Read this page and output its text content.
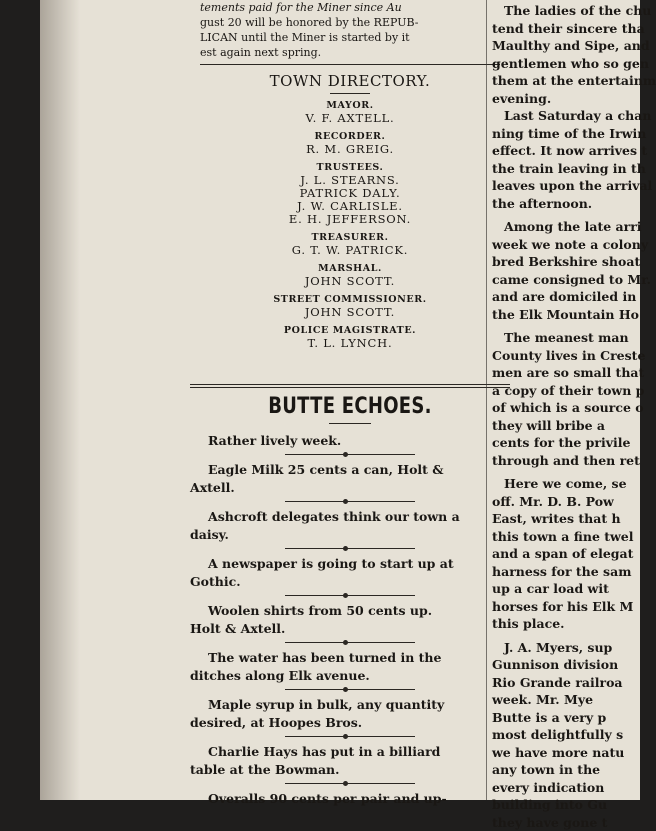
tements paid for the Miner since Au

gust 20 will be honored by the REPUB-

LICAN until the Miner is started by it

est again next spring.

TOWN DIRECTORY.

MAYOR.

V. F. AXTELL.

RECORDER.

R. M. GREIG.

TRUSTEES.

J. L. STEARNS.

PATRICK DALY.

J. W. CARLISLE.

E. H. JEFFERSON.

TREASURER.

G. T. W. PATRICK.

MARSHAL.

JOHN SCOTT.

STREET COMMISSIONER.

JOHN SCOTT.

POLICE MAGISTRATE.

T. L. LYNCH.

BUTTE ECHOES.

Rather lively week.

Eagle Milk 25 cents a can, Holt &

Axtell.

Ashcroft delegates think our town a

daisy.

A newspaper is going to start up at

Gothic.

Woolen shirts from 50 cents up.

Holt & Axtell.

The water has been turned in the

ditches along Elk avenue.

Maple syrup in bulk, any quantity

desired, at Hoopes Bros.

Charlie Hays has put in a billiard

table at the Bowman.

Overalls 90 cents per pair and up-

The ladies of the chu

tend their sincere tha

Maulthy and Sipe, and

gentlemen who so gen

them at the entertainm

evening.

Last Saturday a chan

ning time of the Irwin

effect. It now arrives t

the train leaving in th

leaves upon the arrival

the afternoon.

Among the late arri

week we note a colony

bred Berkshire shoat

came consigned to Mr.

and are domiciled in

the Elk Mountain Ho

The meanest man

County lives in Creste

men are so small that

a copy of their town p

of which is a source o

they will bribe a

cents for the privile

through and then ret

Here we come, se

off. Mr. D. B. Pow

East, writes that h

this town a fine twel

and a span of elegat

harness for the sam

up a car load wit

horses for his Elk M

this place.

J. A. Myers, sup

Gunnison division

Rio Grande railroa

week. Mr. Mye

Butte is a very p

most delightfully s

we have more natu

any town in the

every indication

building into Gu

they have gone t
